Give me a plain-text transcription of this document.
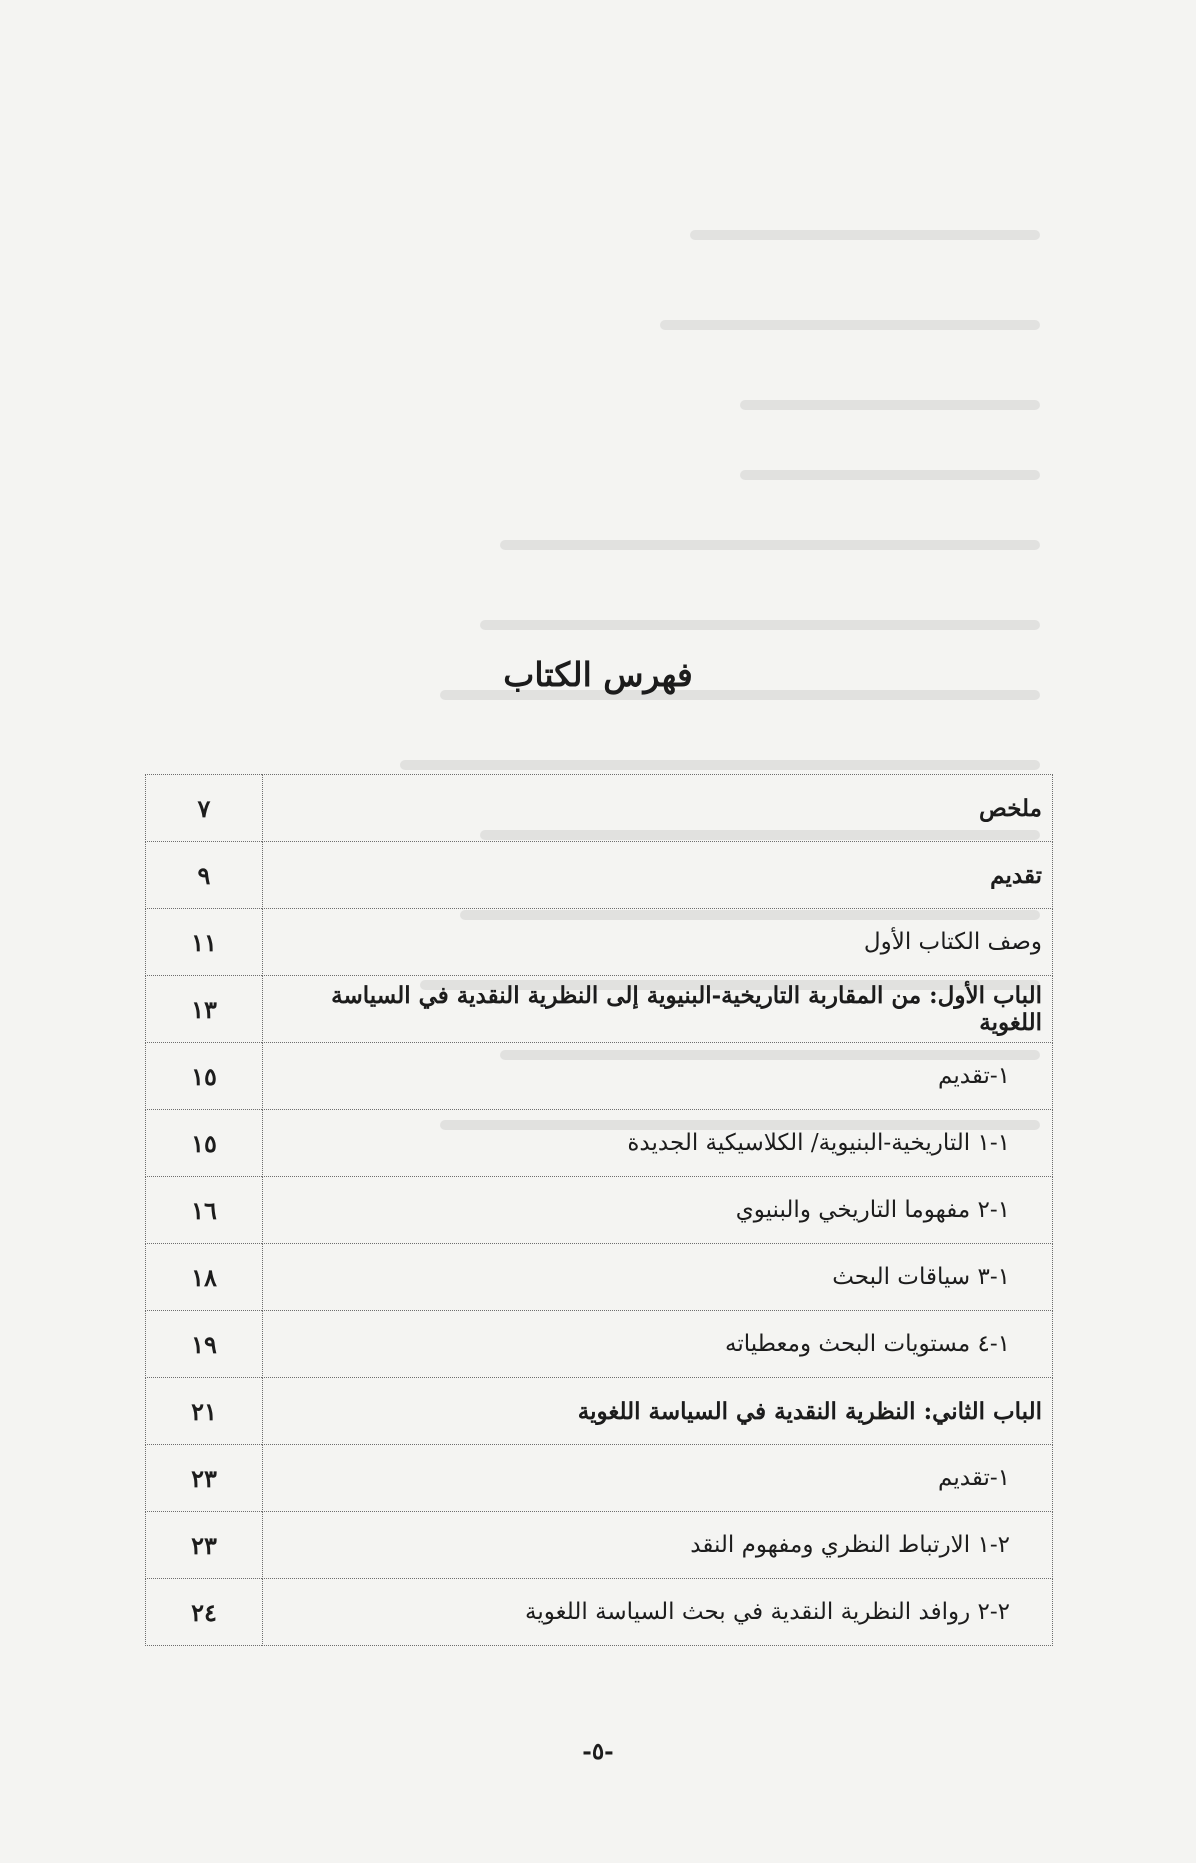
فهرس الكتاب
ملخص	٧
تقديم	٩
وصف الكتاب الأول	١١
الباب الأول: من المقاربة التاريخية-البنيوية إلى النظرية النقدية في السياسة اللغوية	١٣
١-تقديم	١٥
١-١ التاريخية-البنيوية/ الكلاسيكية الجديدة	١٥
١-٢ مفهوما التاريخي والبنيوي	١٦
١-٣ سياقات البحث	١٨
١-٤ مستويات البحث ومعطياته	١٩
الباب الثاني: النظرية النقدية في السياسة اللغوية	٢١
١-تقديم	٢٣
٢-١ الارتباط النظري ومفهوم النقد	٢٣
٢-٢ روافد النظرية النقدية في بحث السياسة اللغوية	٢٤
-٥-
